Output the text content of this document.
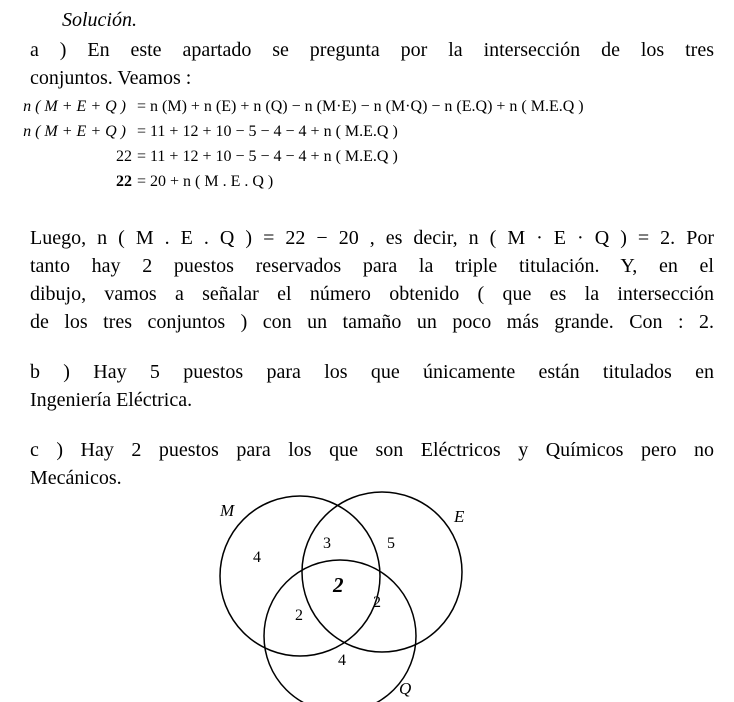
Solución.
a ) En este apartado se pregunta por la intersección de los tres
conjuntos. Veamos :
n ( M + E + Q ) = n (M) + n (E) + n (Q) − n (M·E) − n (M·Q) − n (E.Q) + n ( M.E.Q )
n ( M + E + Q ) = 11 + 12 + 10 − 5 − 4 − 4 + n ( M.E.Q )
22 = 11 + 12 + 10 − 5 − 4 − 4 + n ( M.E.Q )
22 = 20 + n ( M . E . Q )
Luego, n ( M . E . Q ) = 22 − 20 , es decir, n ( M · E · Q ) = 2. Por
tanto hay 2 puestos reservados para la triple titulación. Y, en el
dibujo, vamos a señalar el número obtenido ( que es la intersección
de los tres conjuntos ) con un tamaño un poco más grande. Con : 2.
b ) Hay 5 puestos para los que únicamente están titulados en
Ingeniería Eléctrica.
c ) Hay 2 puestos para los que son Eléctricos y Químicos pero no
Mecánicos.
M	E
Q
4
3	5
2
2
2
4
